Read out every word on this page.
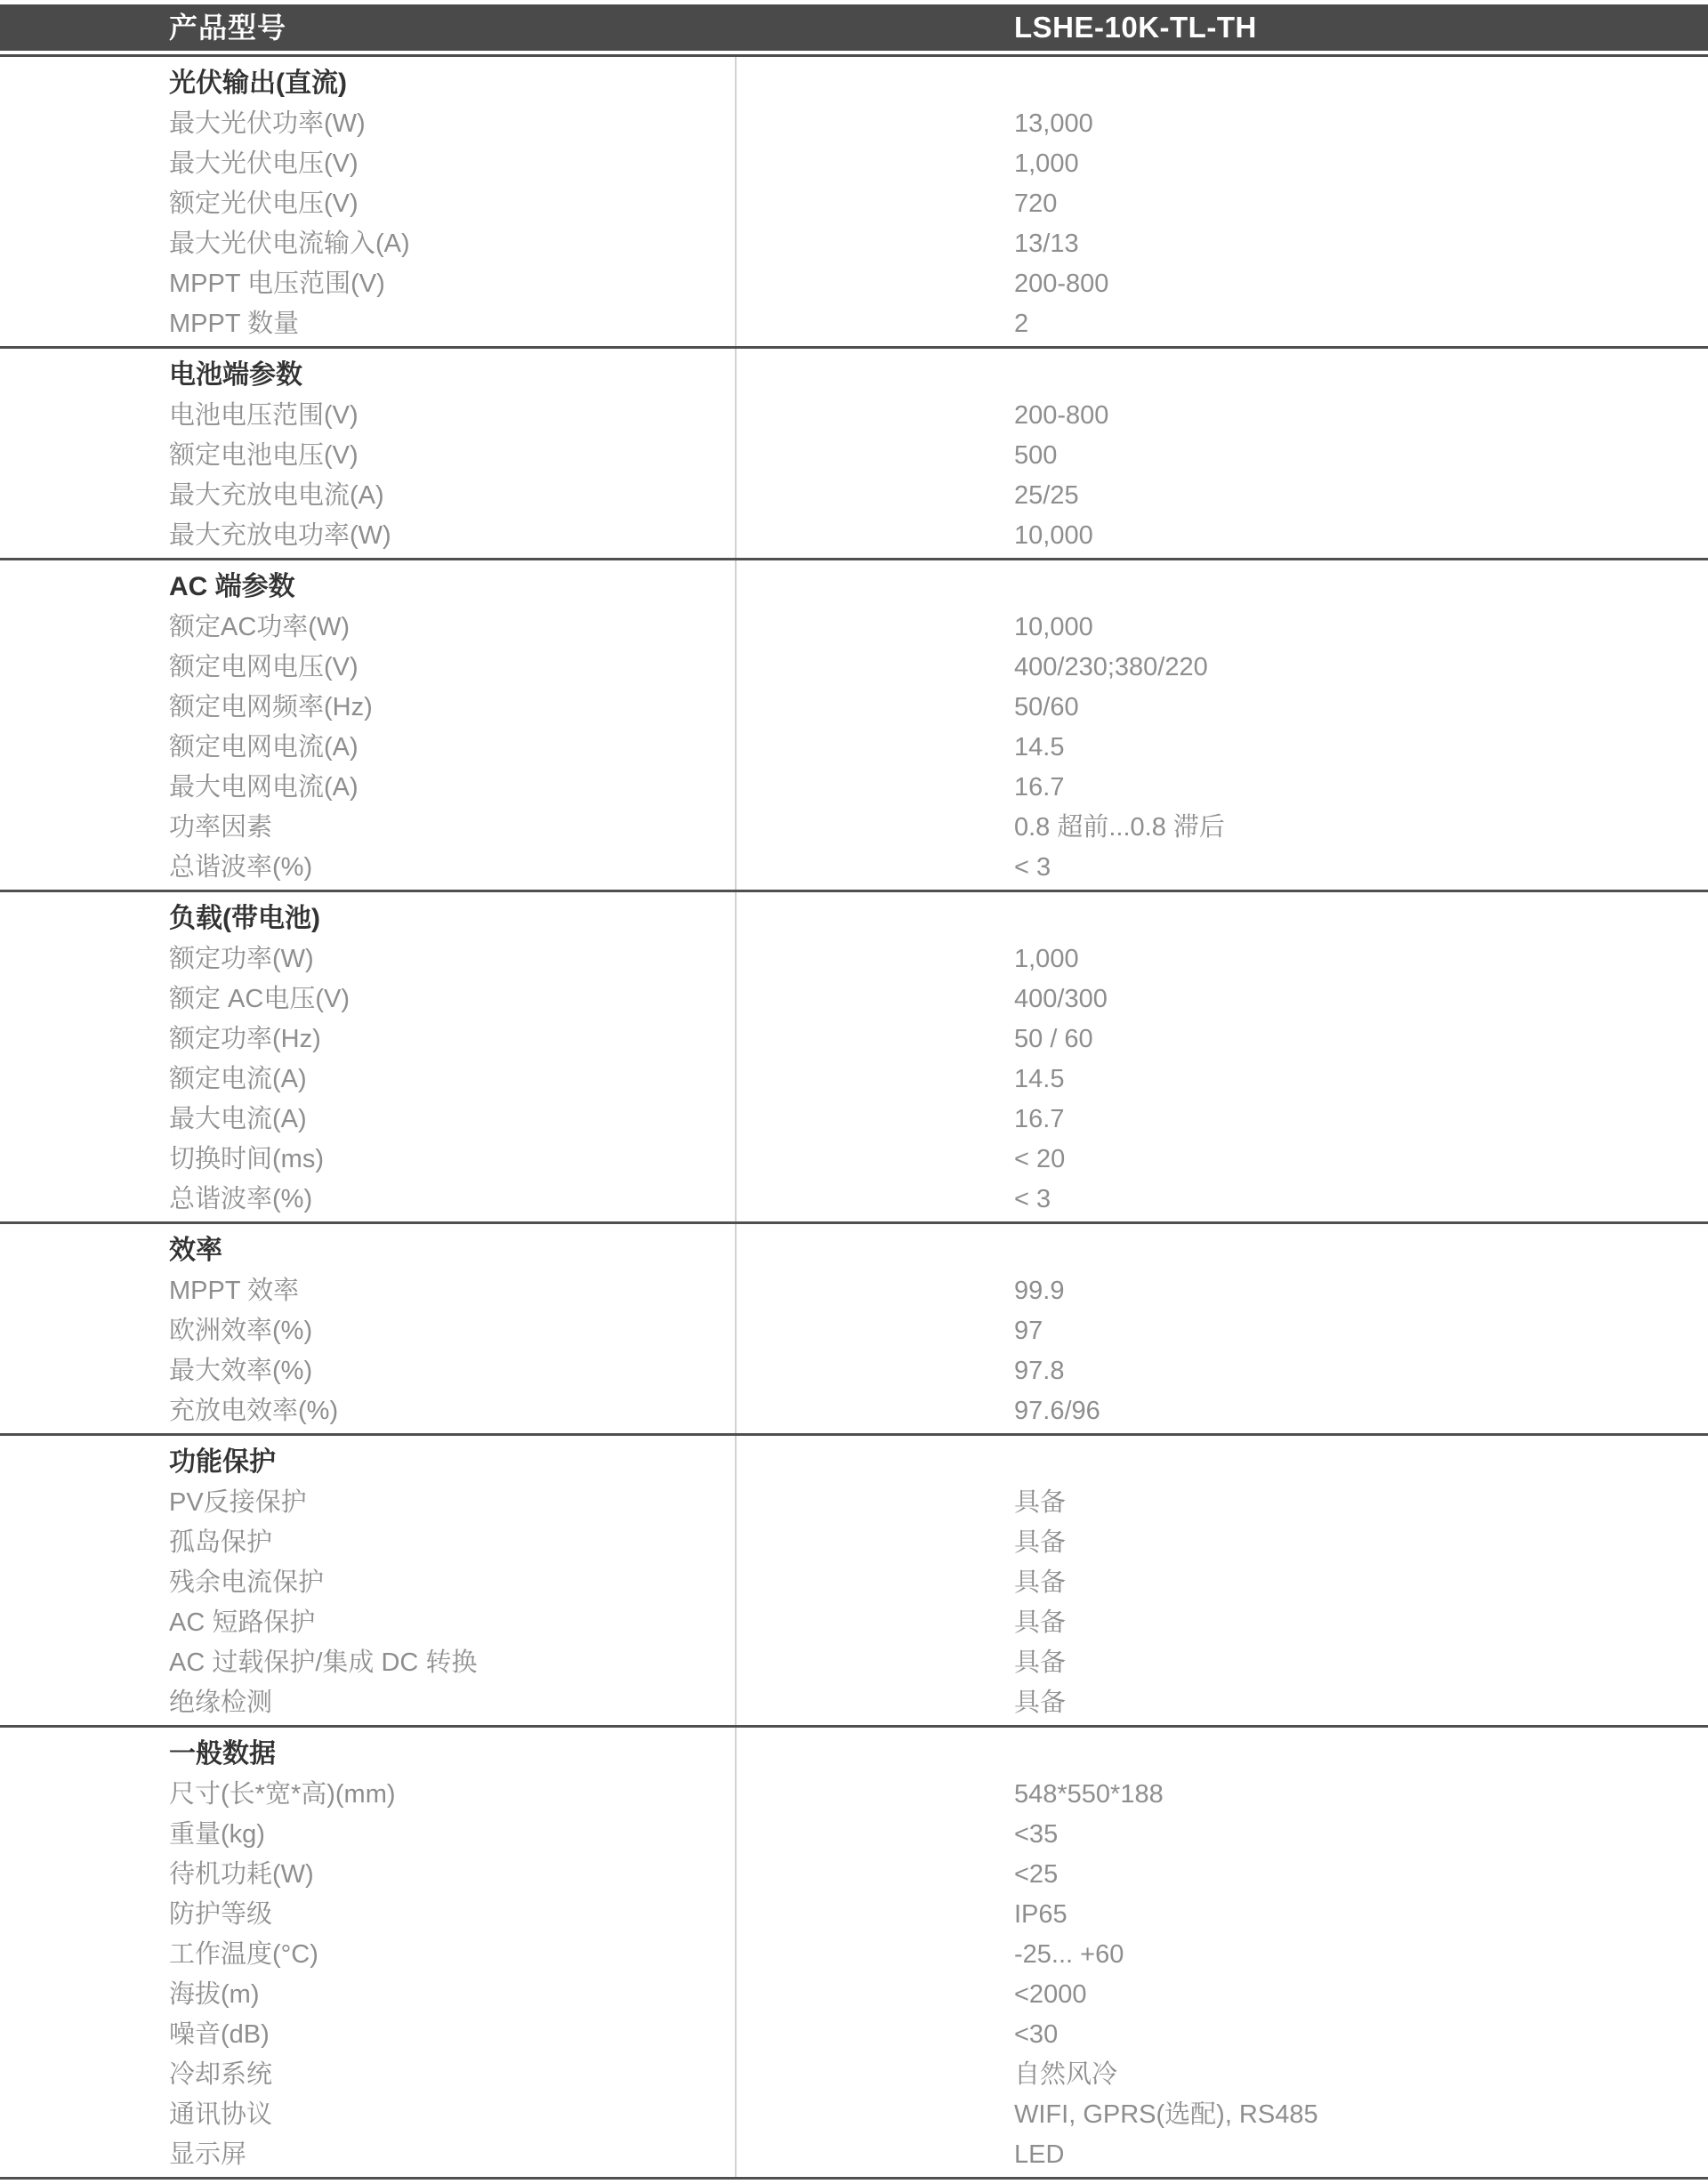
产品型号	LSHE-10K-TL-TH
光伏输出(直流)
最大光伏功率(W)	13,000
最大光伏电压(V)	1,000
额定光伏电压(V)	720
最大光伏电流输入(A)	13/13
MPPT 电压范围(V)	200-800
MPPT 数量	2
电池端参数
电池电压范围(V)	200-800
额定电池电压(V)	500
最大充放电电流(A)	25/25
最大充放电功率(W)	10,000
AC 端参数
额定AC功率(W)	10,000
额定电网电压(V)	400/230;380/220
额定电网频率(Hz)	50/60
额定电网电流(A)	14.5
最大电网电流(A)	16.7
功率因素	0.8 超前...0.8 滞后
总谐波率(%)	< 3
负载(带电池)
额定功率(W)	1,000
额定 AC电压(V)	400/300
额定功率(Hz)	50 / 60
额定电流(A)	14.5
最大电流(A)	16.7
切换时间(ms)	< 20
总谐波率(%)	< 3
效率
MPPT 效率	99.9
欧洲效率(%)	97
最大效率(%)	97.8
充放电效率(%)	97.6/96
功能保护
PV反接保护	具备
孤岛保护	具备
残余电流保护	具备
AC 短路保护	具备
AC 过载保护/集成 DC 转换	具备
绝缘检测	具备
一般数据
尺寸(长*宽*高)(mm)	548*550*188
重量(kg)	<35
待机功耗(W)	<25
防护等级	IP65
工作温度(°C)	-25... +60
海拔(m)	<2000
噪音(dB)	<30
冷却系统	自然风冷
通讯协议	WIFI, GPRS(选配), RS485
显示屏	LED
